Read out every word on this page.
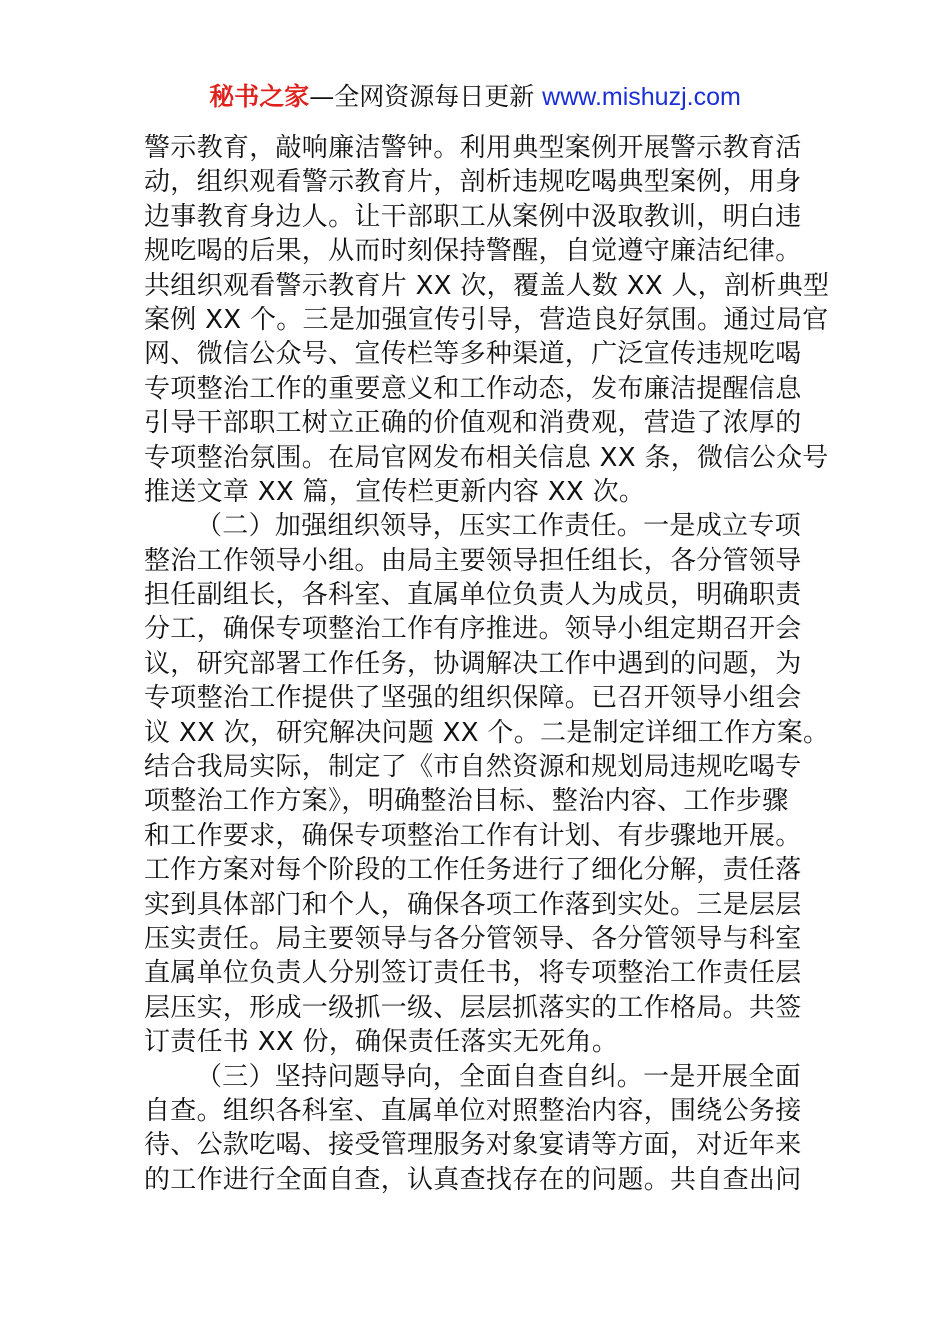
秘书之家—全网资源每日更新 www.mishuzj.com
警示教育，敲响廉洁警钟。利用典型案例开展警示教育活
动，组织观看警示教育片，剖析违规吃喝典型案例，用身
边事教育身边人。让干部职工从案例中汲取教训，明白违
规吃喝的后果，从而时刻保持警醒，自觉遵守廉洁纪律。
共组织观看警示教育片 XX 次，覆盖人数 XX 人，剖析典型
案例 XX 个。三是加强宣传引导，营造良好氛围。通过局官
网、微信公众号、宣传栏等多种渠道，广泛宣传违规吃喝
专项整治工作的重要意义和工作动态，发布廉洁提醒信息
引导干部职工树立正确的价值观和消费观，营造了浓厚的
专项整治氛围。在局官网发布相关信息 XX 条，微信公众号
推送文章 XX 篇，宣传栏更新内容 XX 次。
（二）加强组织领导，压实工作责任。一是成立专项
整治工作领导小组。由局主要领导担任组长，各分管领导
担任副组长，各科室、直属单位负责人为成员，明确职责
分工，确保专项整治工作有序推进。领导小组定期召开会
议，研究部署工作任务，协调解决工作中遇到的问题，为
专项整治工作提供了坚强的组织保障。已召开领导小组会
议 XX 次，研究解决问题 XX 个。二是制定详细工作方案。
结合我局实际，制定了《市自然资源和规划局违规吃喝专
项整治工作方案》，明确整治目标、整治内容、工作步骤
和工作要求，确保专项整治工作有计划、有步骤地开展。
工作方案对每个阶段的工作任务进行了细化分解，责任落
实到具体部门和个人，确保各项工作落到实处。三是层层
压实责任。局主要领导与各分管领导、各分管领导与科室
直属单位负责人分别签订责任书，将专项整治工作责任层
层压实，形成一级抓一级、层层抓落实的工作格局。共签
订责任书 XX 份，确保责任落实无死角。
（三）坚持问题导向，全面自查自纠。一是开展全面
自查。组织各科室、直属单位对照整治内容，围绕公务接
待、公款吃喝、接受管理服务对象宴请等方面，对近年来
的工作进行全面自查，认真查找存在的问题。共自查出问
